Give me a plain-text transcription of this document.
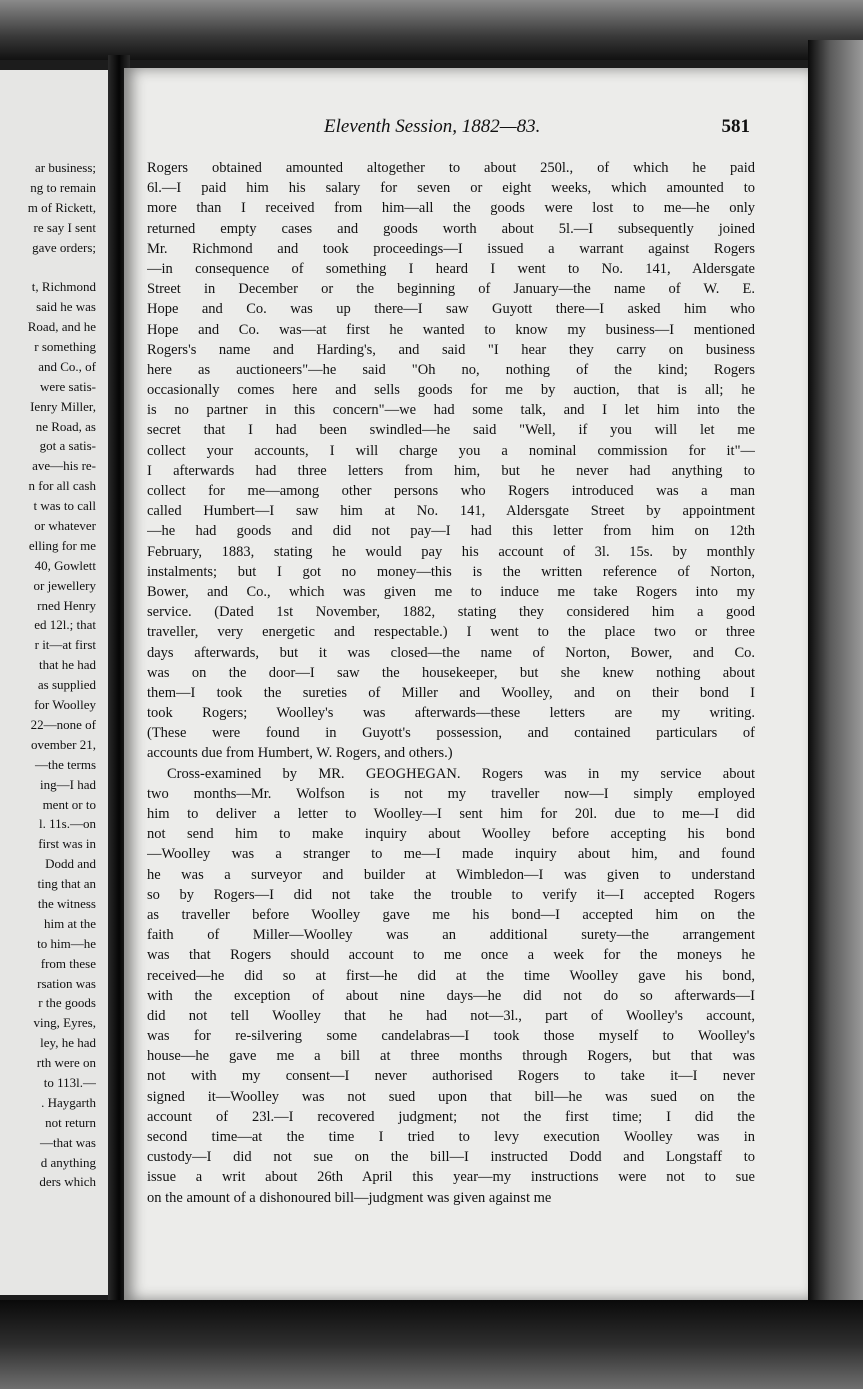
ar business;
ng to remain
m of Rickett,
re say I sent
gave orders;
t, Richmond
said he was
Road, and he
r something
and Co., of
were satis-
Ienry Miller,
ne Road, as
got a satis-
ave—his re-
n for all cash
t was to call
or whatever
elling for me
40, Gowlett
or jewellery
rned Henry
ed 12l.; that
r it—at first
that he had
as supplied
for Woolley
22—none of
ovember 21,
—the terms
ing—I had
ment or to
l. 11s.—on
first was in
Dodd and
ting that an
the witness
him at the
to him—he
from these
rsation was
r the goods
ving, Eyres,
ley, he had
rth were on
to 113l.—
. Haygarth
not return
—that was
d anything
ders which
Eleventh Session, 1882—83.	581
Rogers obtained amounted altogether to about 250l., of which he paid
6l.—I paid him his salary for seven or eight weeks, which amounted to
more than I received from him—all the goods were lost to me—he only
returned empty cases and goods worth about 5l.—I subsequently joined
Mr. Richmond and took proceedings—I issued a warrant against Rogers
—in consequence of something I heard I went to No. 141, Aldersgate
Street in December or the beginning of January—the name of W. E.
Hope and Co. was up there—I saw Guyott there—I asked him who
Hope and Co. was—at first he wanted to know my business—I mentioned
Rogers's name and Harding's, and said "I hear they carry on business
here as auctioneers"—he said "Oh no, nothing of the kind; Rogers
occasionally comes here and sells goods for me by auction, that is all; he
is no partner in this concern"—we had some talk, and I let him into the
secret that I had been swindled—he said "Well, if you will let me
collect your accounts, I will charge you a nominal commission for it"—
I afterwards had three letters from him, but he never had anything to
collect for me—among other persons who Rogers introduced was a man
called Humbert—I saw him at No. 141, Aldersgate Street by appointment
—he had goods and did not pay—I had this letter from him on 12th
February, 1883, stating he would pay his account of 3l. 15s. by monthly
instalments; but I got no money—this is the written reference of Norton,
Bower, and Co., which was given me to induce me take Rogers into my
service. (Dated 1st November, 1882, stating they considered him a good
traveller, very energetic and respectable.) I went to the place two or three
days afterwards, but it was closed—the name of Norton, Bower, and Co.
was on the door—I saw the housekeeper, but she knew nothing about
them—I took the sureties of Miller and Woolley, and on their bond I
took Rogers; Woolley's was afterwards—these letters are my writing.
(These were found in Guyott's possession, and contained particulars of
accounts due from Humbert, W. Rogers, and others.)
Cross-examined by MR. GEOGHEGAN. Rogers was in my service about
two months—Mr. Wolfson is not my traveller now—I simply employed
him to deliver a letter to Woolley—I sent him for 20l. due to me—I did
not send him to make inquiry about Woolley before accepting his bond
—Woolley was a stranger to me—I made inquiry about him, and found
he was a surveyor and builder at Wimbledon—I was given to understand
so by Rogers—I did not take the trouble to verify it—I accepted Rogers
as traveller before Woolley gave me his bond—I accepted him on the
faith of Miller—Woolley was an additional surety—the arrangement
was that Rogers should account to me once a week for the moneys he
received—he did so at first—he did at the time Woolley gave his bond,
with the exception of about nine days—he did not do so afterwards—I
did not tell Woolley that he had not—3l., part of Woolley's account,
was for re-silvering some candelabras—I took those myself to Woolley's
house—he gave me a bill at three months through Rogers, but that was
not with my consent—I never authorised Rogers to take it—I never
signed it—Woolley was not sued upon that bill—he was sued on the
account of 23l.—I recovered judgment; not the first time; I did the
second time—at the time I tried to levy execution Woolley was in
custody—I did not sue on the bill—I instructed Dodd and Longstaff to
issue a writ about 26th April this year—my instructions were not to sue
on the amount of a dishonoured bill—judgment was given against me
